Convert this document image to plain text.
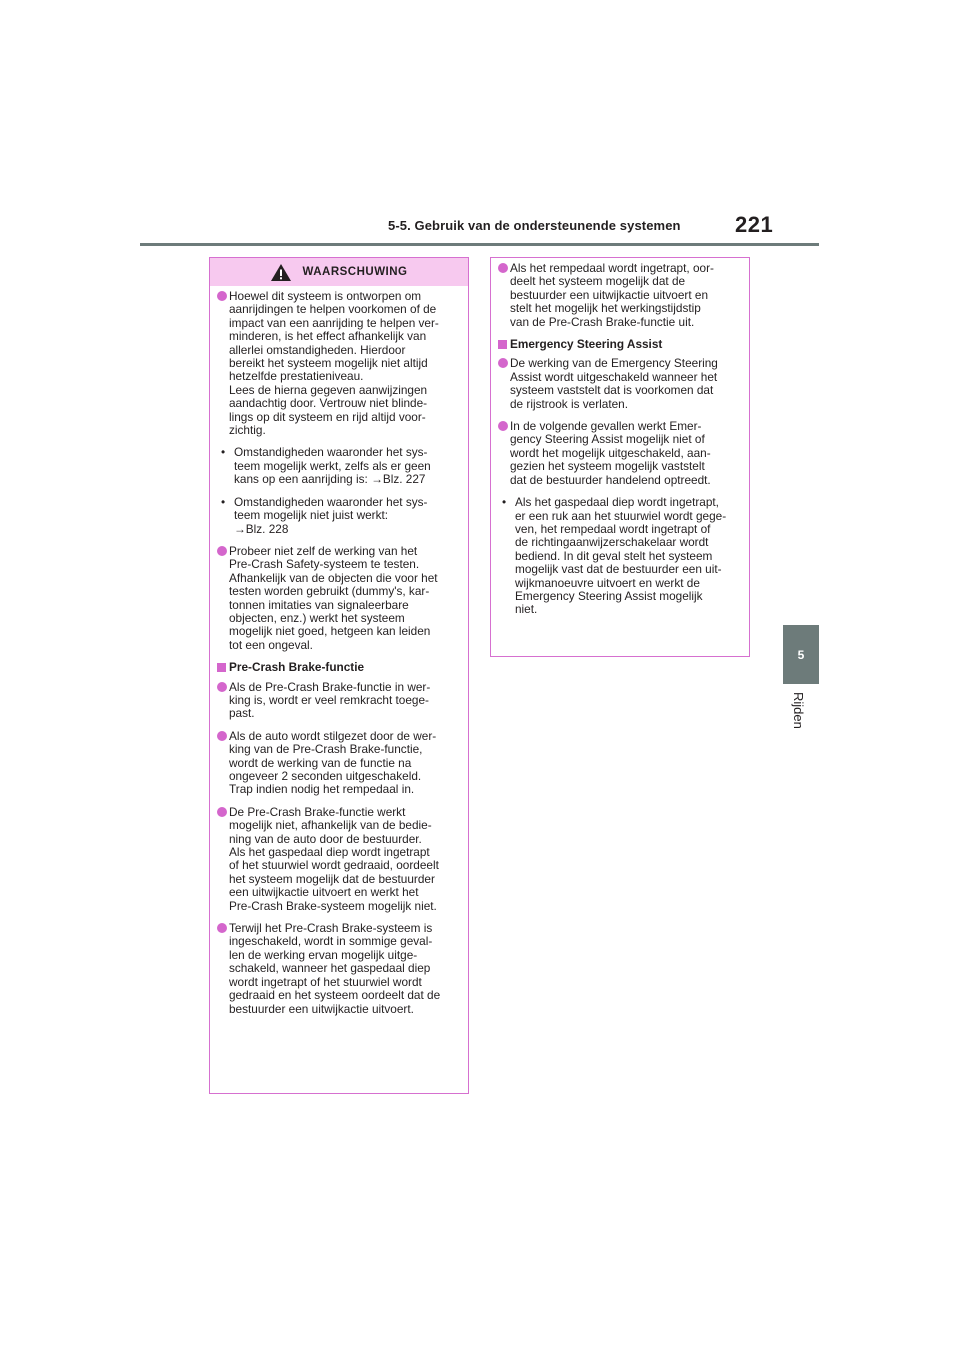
5-5. Gebruik van de ondersteunende systemen 221
5
Rijden
WAARSCHUWING
Hoewel dit systeem is ontworpen om
aanrijdingen te helpen voorkomen of de
impact van een aanrijding te helpen ver-
minderen, is het effect afhankelijk van
allerlei omstandigheden. Hierdoor
bereikt het systeem mogelijk niet altijd
hetzelfde prestatieniveau.
Lees de hierna gegeven aanwijzingen
aandachtig door. Vertrouw niet blinde-
lings op dit systeem en rijd altijd voor-
zichtig.
• Omstandigheden waaronder het sys-
teem mogelijk werkt, zelfs als er geen
kans op een aanrijding is: →Blz. 227
• Omstandigheden waaronder het sys-
teem mogelijk niet juist werkt:
→Blz. 228
Probeer niet zelf de werking van het
Pre-Crash Safety-systeem te testen.
Afhankelijk van de objecten die voor het
testen worden gebruikt (dummy's, kar-
tonnen imitaties van signaleerbare
objecten, enz.) werkt het systeem
mogelijk niet goed, hetgeen kan leiden
tot een ongeval.
Pre-Crash Brake-functie
Als de Pre-Crash Brake-functie in wer-
king is, wordt er veel remkracht toege-
past.
Als de auto wordt stilgezet door de wer-
king van de Pre-Crash Brake-functie,
wordt de werking van de functie na
ongeveer 2 seconden uitgeschakeld.
Trap indien nodig het rempedaal in.
De Pre-Crash Brake-functie werkt
mogelijk niet, afhankelijk van de bedie-
ning van de auto door de bestuurder.
Als het gaspedaal diep wordt ingetrapt
of het stuurwiel wordt gedraaid, oordeelt
het systeem mogelijk dat de bestuurder
een uitwijkactie uitvoert en werkt het
Pre-Crash Brake-systeem mogelijk niet.
Terwijl het Pre-Crash Brake-systeem is
ingeschakeld, wordt in sommige geval-
len de werking ervan mogelijk uitge-
schakeld, wanneer het gaspedaal diep
wordt ingetrapt of het stuurwiel wordt
gedraaid en het systeem oordeelt dat de
bestuurder een uitwijkactie uitvoert.
Als het rempedaal wordt ingetrapt, oor-
deelt het systeem mogelijk dat de
bestuurder een uitwijkactie uitvoert en
stelt het mogelijk het werkingstijdstip
van de Pre-Crash Brake-functie uit.
Emergency Steering Assist
De werking van de Emergency Steering
Assist wordt uitgeschakeld wanneer het
systeem vaststelt dat is voorkomen dat
de rijstrook is verlaten.
In de volgende gevallen werkt Emer-
gency Steering Assist mogelijk niet of
wordt het mogelijk uitgeschakeld, aan-
gezien het systeem mogelijk vaststelt
dat de bestuurder handelend optreedt.
• Als het gaspedaal diep wordt ingetrapt,
er een ruk aan het stuurwiel wordt gege-
ven, het rempedaal wordt ingetrapt of
de richtingaanwijzerschakelaar wordt
bediend. In dit geval stelt het systeem
mogelijk vast dat de bestuurder een uit-
wijkmanoeuvre uitvoert en werkt de
Emergency Steering Assist mogelijk
niet.
